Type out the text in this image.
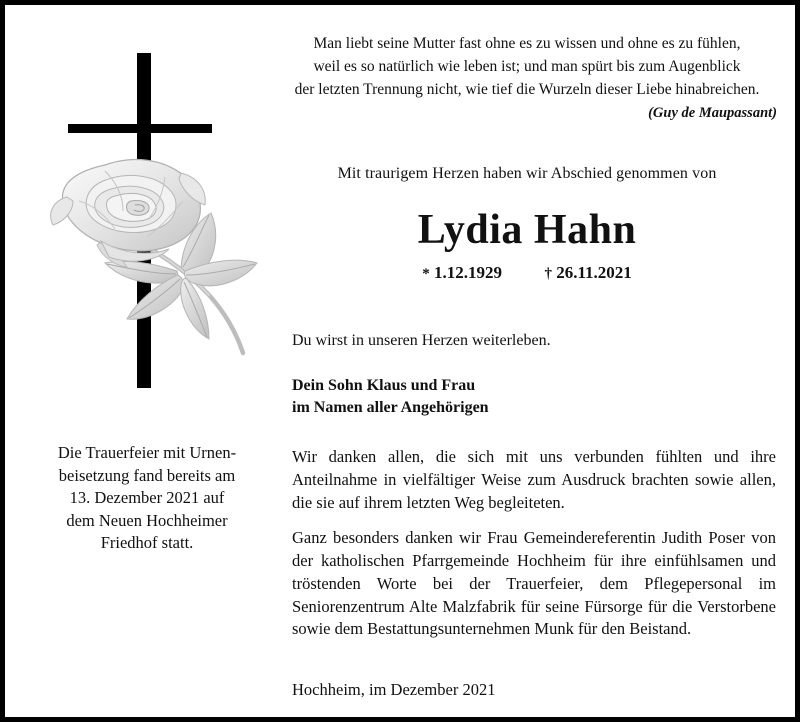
Man liebt seine Mutter fast ohne es zu wissen und ohne es zu fühlen,
weil es so natürlich wie leben ist; und man spürt bis zum Augenblick
der letzten Trennung nicht, wie tief die Wurzeln dieser Liebe hinabreichen.
(Guy de Maupassant)
Mit traurigem Herzen haben wir Abschied genommen von
Lydia Hahn
* 1.12.1929	† 26.11.2021
Du wirst in unseren Herzen weiterleben.
Dein Sohn Klaus und Frau
im Namen aller Angehörigen
Die Trauerfeier mit Urnen-
beisetzung fand bereits am
13. Dezember 2021 auf
dem Neuen Hochheimer
Friedhof statt.

Wir danken allen, die sich mit uns verbunden fühlten und ihre Anteilnahme in vielfältiger Weise zum Ausdruck brachten sowie allen, die sie auf ihrem letzten Weg begleiteten.

Ganz besonders danken wir Frau Gemeindereferentin Judith Poser von der katholischen Pfarrgemeinde Hochheim für ihre einfühlsamen und tröstenden Worte bei der Trauerfeier, dem Pflegepersonal im Seniorenzentrum Alte Malzfabrik für seine Fürsorge für die Verstorbene sowie dem Bestattungsunternehmen Munk für den Beistand.

Hochheim, im Dezember 2021
